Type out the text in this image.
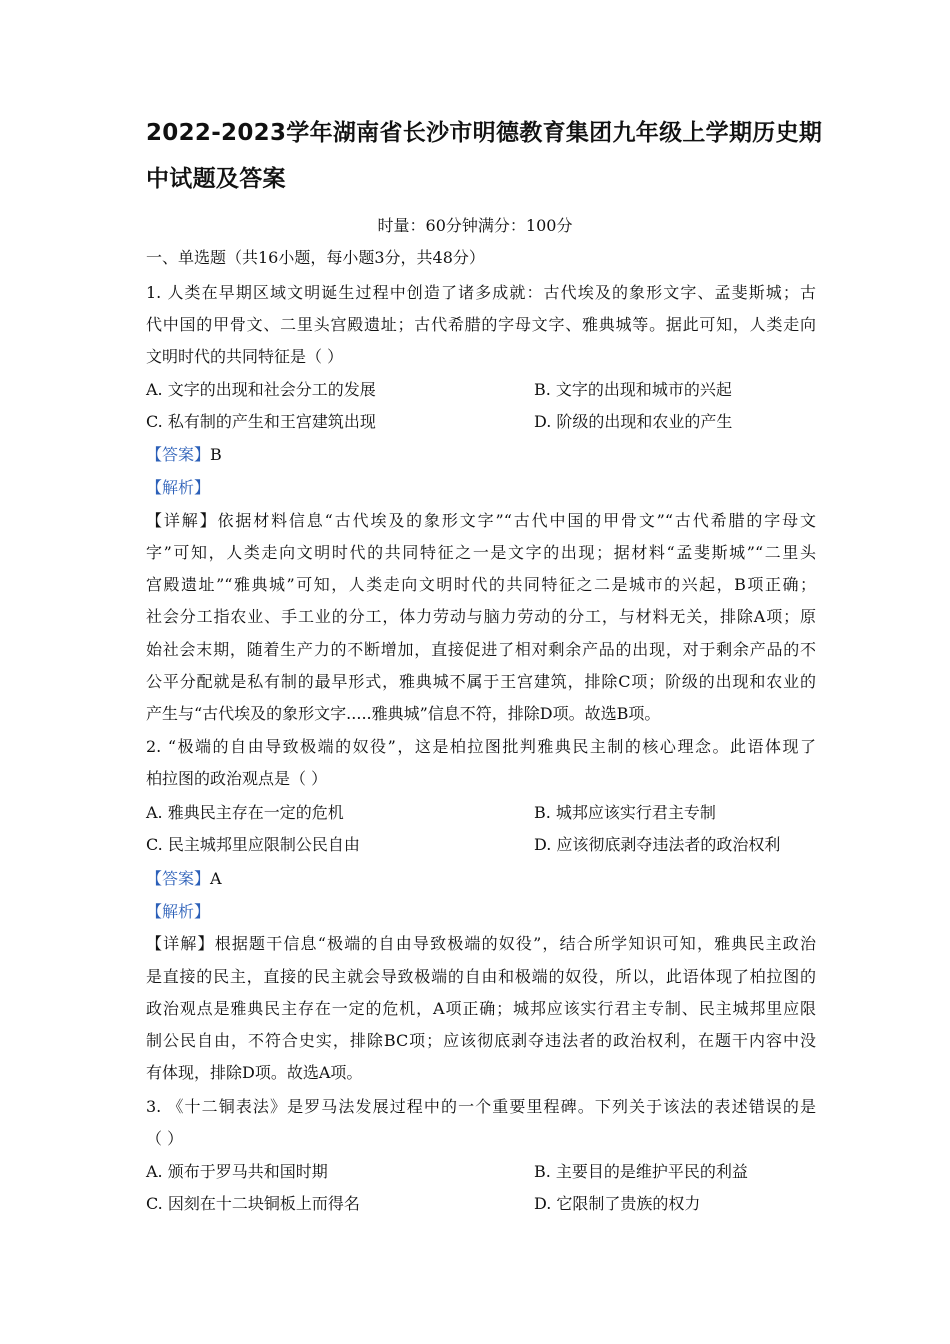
2022-2023学年湖南省长沙市明德教育集团九年级上学期历史期中试题及答案
时量：60分钟满分：100分
一、单选题（共16小题，每小题3分，共48分）
1. 人类在早期区域文明诞生过程中创造了诸多成就：古代埃及的象形文字、孟斐斯城；古
代中国的甲骨文、二里头宫殿遗址；古代希腊的字母文字、雅典城等。据此可知，人类走向
文明时代的共同特征是（ ）
A. 文字的出现和社会分工的发展	B. 文字的出现和城市的兴起
C. 私有制的产生和王宫建筑出现	D. 阶级的出现和农业的产生
【答案】B
【解析】
【详解】依据材料信息“古代埃及的象形文字”“古代中国的甲骨文”“古代希腊的字母文
字”可知，人类走向文明时代的共同特征之一是文字的出现；据材料“孟斐斯城”“二里头
宫殿遗址”“雅典城”可知，人类走向文明时代的共同特征之二是城市的兴起，B项正确；
社会分工指农业、手工业的分工，体力劳动与脑力劳动的分工，与材料无关，排除A项；原
始社会末期，随着生产力的不断增加，直接促进了相对剩余产品的出现，对于剩余产品的不
公平分配就是私有制的最早形式，雅典城不属于王宫建筑，排除C项；阶级的出现和农业的
产生与“古代埃及的象形文字.....雅典城”信息不符，排除D项。故选B项。
2. “极端的自由导致极端的奴役”，这是柏拉图批判雅典民主制的核心理念。此语体现了
柏拉图的政治观点是（ ）
A. 雅典民主存在一定的危机	B. 城邦应该实行君主专制
C. 民主城邦里应限制公民自由	D. 应该彻底剥夺违法者的政治权利
【答案】A
【解析】
【详解】根据题干信息“极端的自由导致极端的奴役”，结合所学知识可知，雅典民主政治
是直接的民主，直接的民主就会导致极端的自由和极端的奴役，所以，此语体现了柏拉图的
政治观点是雅典民主存在一定的危机，A项正确；城邦应该实行君主专制、民主城邦里应限
制公民自由，不符合史实，排除BC项；应该彻底剥夺违法者的政治权利，在题干内容中没
有体现，排除D项。故选A项。
3. 《十二铜表法》是罗马法发展过程中的一个重要里程碑。下列关于该法的表述错误的是
（ ）
A. 颁布于罗马共和国时期	B. 主要目的是维护平民的利益
C. 因刻在十二块铜板上而得名	D. 它限制了贵族的权力
